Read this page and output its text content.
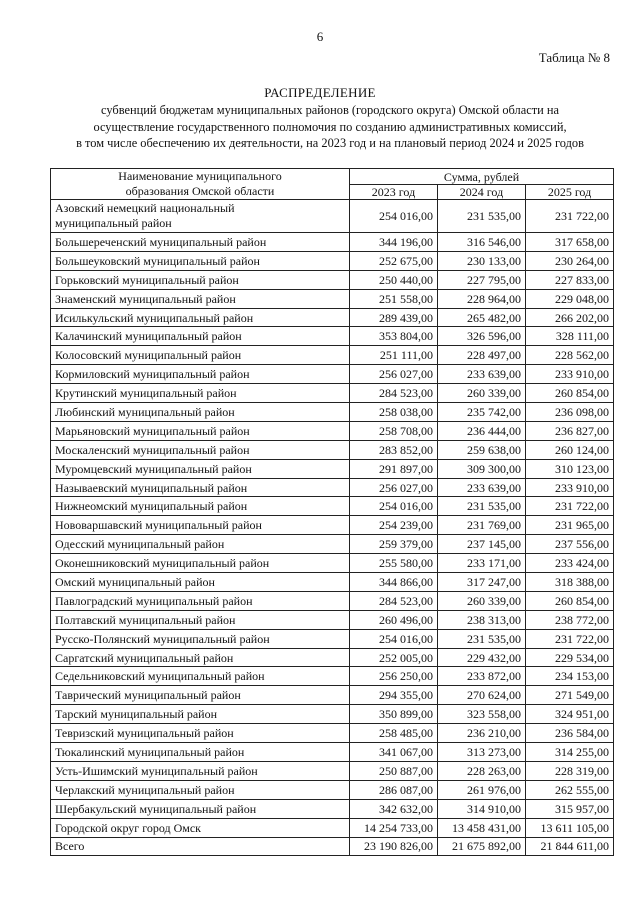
6
Таблица № 8
РАСПРЕДЕЛЕНИЕ
субвенций бюджетам муниципальных районов (городского округа) Омской области на
осуществление государственного полномочия по созданию административных комиссий,
в том числе обеспечению их деятельности, на 2023 год и на плановый период 2024 и 2025 годов
Наименование муниципального
образования Омской области	Сумма, рублей		
	2023 год	2024 год	2025 год

Азовский немецкий национальный
муниципальный район	254 016,00	231 535,00	231 722,00
Большереченский муниципальный район	344 196,00	316 546,00	317 658,00
Большеуковский муниципальный район	252 675,00	230 133,00	230 264,00
Горьковский муниципальный район	250 440,00	227 795,00	227 833,00
Знаменский муниципальный район	251 558,00	228 964,00	229 048,00
Исилькульский муниципальный район	289 439,00	265 482,00	266 202,00
Калачинский муниципальный район	353 804,00	326 596,00	328 111,00
Колосовский муниципальный район	251 111,00	228 497,00	228 562,00
Кормиловский муниципальный район	256 027,00	233 639,00	233 910,00
Крутинский муниципальный район	284 523,00	260 339,00	260 854,00
Любинский муниципальный район	258 038,00	235 742,00	236 098,00
Марьяновский муниципальный район	258 708,00	236 444,00	236 827,00
Москаленский муниципальный район	283 852,00	259 638,00	260 124,00
Муромцевский муниципальный район	291 897,00	309 300,00	310 123,00
Называевский муниципальный район	256 027,00	233 639,00	233 910,00
Нижнеомский муниципальный район	254 016,00	231 535,00	231 722,00
Нововаршавский муниципальный район	254 239,00	231 769,00	231 965,00
Одесский муниципальный район	259 379,00	237 145,00	237 556,00
Оконешниковский муниципальный район	255 580,00	233 171,00	233 424,00
Омский муниципальный район	344 866,00	317 247,00	318 388,00
Павлоградский муниципальный район	284 523,00	260 339,00	260 854,00
Полтавский муниципальный район	260 496,00	238 313,00	238 772,00
Русско-Полянский муниципальный район	254 016,00	231 535,00	231 722,00
Саргатский муниципальный район	252 005,00	229 432,00	229 534,00
Седельниковский муниципальный район	256 250,00	233 872,00	234 153,00
Таврический муниципальный район	294 355,00	270 624,00	271 549,00
Тарский муниципальный район	350 899,00	323 558,00	324 951,00
Тевризский муниципальный район	258 485,00	236 210,00	236 584,00
Тюкалинский муниципальный район	341 067,00	313 273,00	314 255,00
Усть-Ишимский муниципальный район	250 887,00	228 263,00	228 319,00
Черлакский муниципальный район	286 087,00	261 976,00	262 555,00
Шербакульский муниципальный район	342 632,00	314 910,00	315 957,00
Городской округ город Омск	14 254 733,00	13 458 431,00	13 611 105,00
Всего	23 190 826,00	21 675 892,00	21 844 611,00
